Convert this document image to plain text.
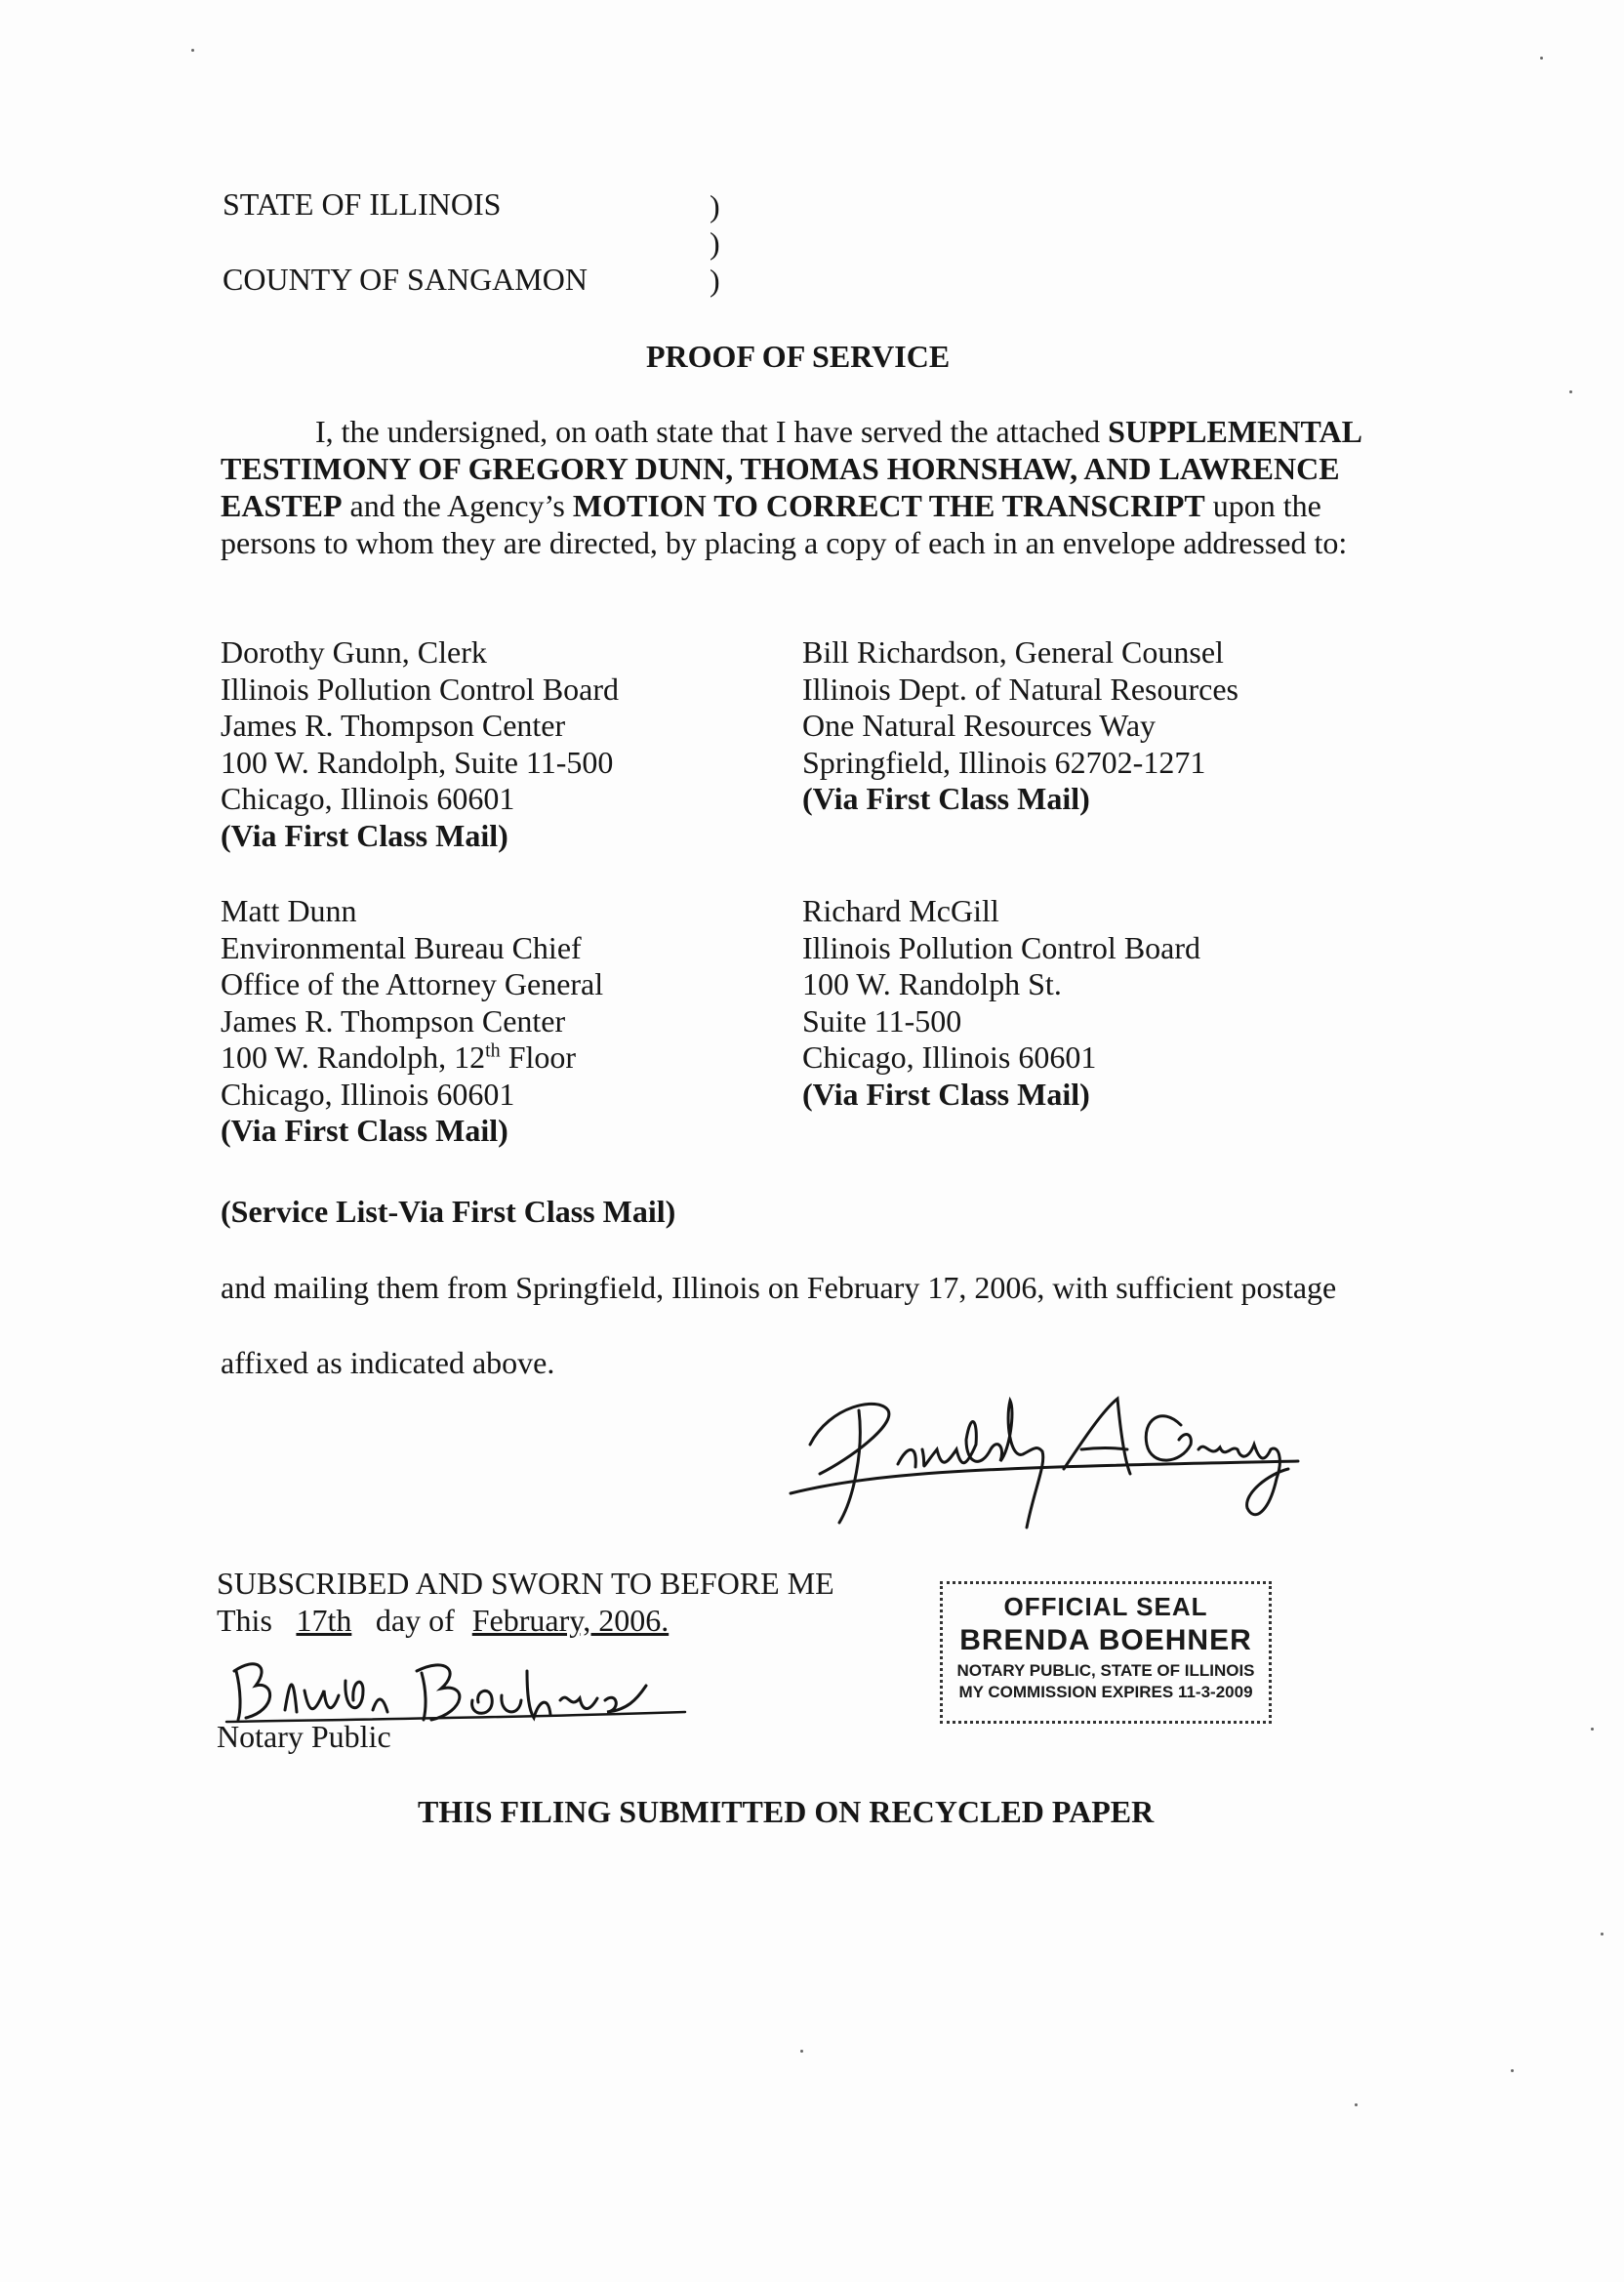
STATE OF ILLINOIS
COUNTY OF SANGAMON
)
)
)
PROOF OF SERVICE
I, the undersigned, on oath state that I have served the attached SUPPLEMENTAL TESTIMONY OF GREGORY DUNN, THOMAS HORNSHAW, AND LAWRENCE EASTEP and the Agency’s MOTION TO CORRECT THE TRANSCRIPT upon the persons to whom they are directed, by placing a copy of each in an envelope addressed to:
Dorothy Gunn, Clerk
Illinois Pollution Control Board
James R. Thompson Center
100 W. Randolph, Suite 11-500
Chicago, Illinois 60601
(Via First Class Mail)
Bill Richardson, General Counsel
Illinois Dept. of Natural Resources
One Natural Resources Way
Springfield, Illinois 62702-1271
(Via First Class Mail)
Matt Dunn
Environmental Bureau Chief
Office of the Attorney General
James R. Thompson Center
100 W. Randolph, 12th Floor
Chicago, Illinois 60601
(Via First Class Mail)
Richard McGill
Illinois Pollution Control Board
100 W. Randolph St.
Suite 11-500
Chicago, Illinois 60601
(Via First Class Mail)
(Service List-Via First Class Mail)
and mailing them from Springfield, Illinois on February 17, 2006, with sufficient postage
affixed as indicated above.
SUBSCRIBED AND SWORN TO BEFORE ME
This 17th day of February, 2006.
Notary Public
OFFICIAL SEAL
BRENDA BOEHNER
NOTARY PUBLIC, STATE OF ILLINOIS
MY COMMISSION EXPIRES 11-3-2009
THIS FILING SUBMITTED ON RECYCLED PAPER
